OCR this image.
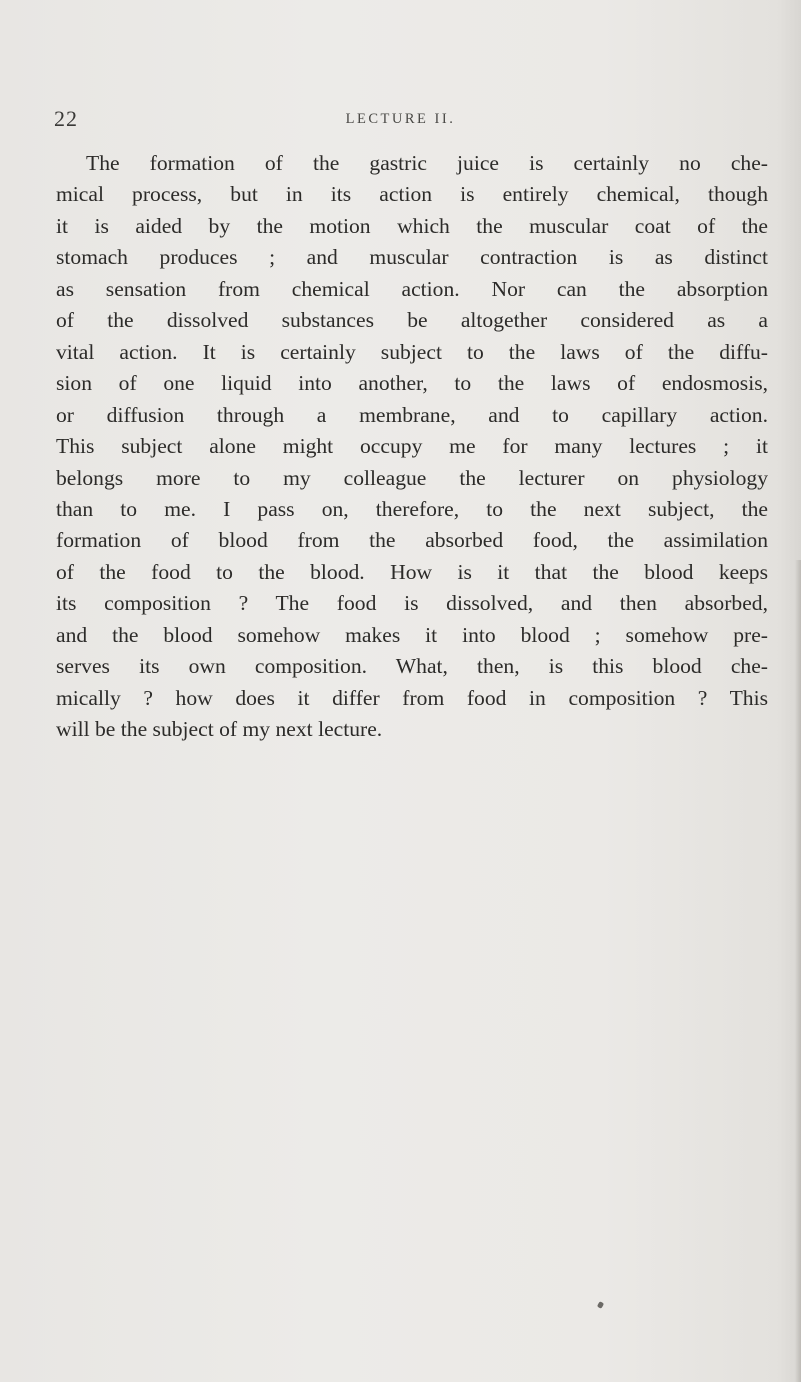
22	LECTURE II.
The formation of the gastric juice is certainly no che-
mical process, but in its action is entirely chemical, though
it is aided by the motion which the muscular coat of the
stomach produces ; and muscular contraction is as distinct
as sensation from chemical action. Nor can the absorption
of the dissolved substances be altogether considered as a
vital action. It is certainly subject to the laws of the diffu-
sion of one liquid into another, to the laws of endosmosis,
or diffusion through a membrane, and to capillary action.
This subject alone might occupy me for many lectures ; it
belongs more to my colleague the lecturer on physiology
than to me. I pass on, therefore, to the next subject, the
formation of blood from the absorbed food, the assimilation
of the food to the blood. How is it that the blood keeps
its composition ? The food is dissolved, and then absorbed,
and the blood somehow makes it into blood ; somehow pre-
serves its own composition. What, then, is this blood che-
mically ? how does it differ from food in composition ? This
will be the subject of my next lecture.
